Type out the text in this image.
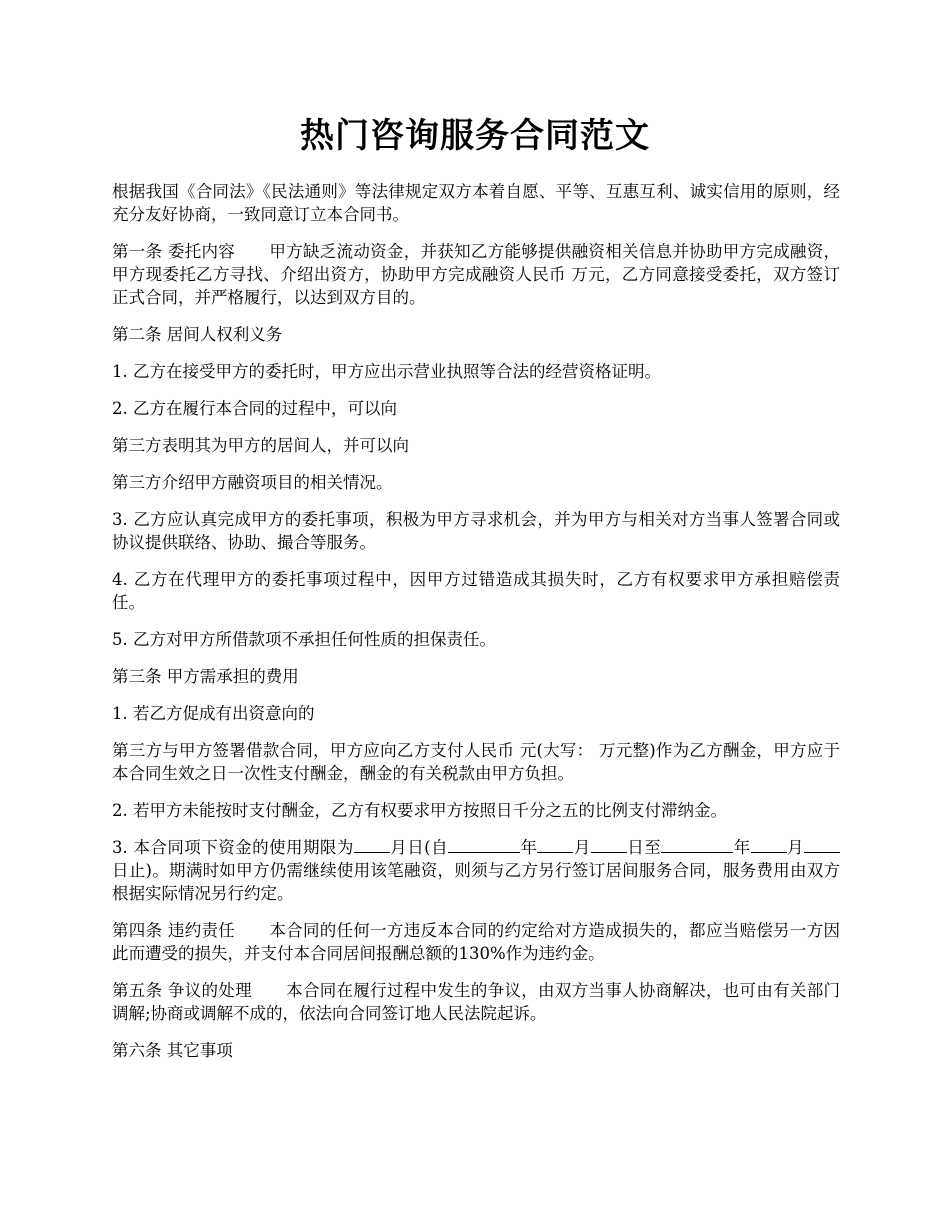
热门咨询服务合同范文

根据我国《合同法》《民法通则》等法律规定双方本着自愿、平等、互惠互利、诚实信用的原则，经充分友好协商，一致同意订立本合同书。

第一条 委托内容 甲方缺乏流动资金，并获知乙方能够提供融资相关信息并协助甲方完成融资，甲方现委托乙方寻找、介绍出资方，协助甲方完成融资人民币 万元，乙方同意接受委托，双方签订正式合同，并严格履行，以达到双方目的。

第二条 居间人权利义务

1. 乙方在接受甲方的委托时，甲方应出示营业执照等合法的经营资格证明。

2. 乙方在履行本合同的过程中，可以向

第三方表明其为甲方的居间人，并可以向

第三方介绍甲方融资项目的相关情况。

3. 乙方应认真完成甲方的委托事项，积极为甲方寻求机会，并为甲方与相关对方当事人签署合同或协议提供联络、协助、撮合等服务。

4. 乙方在代理甲方的委托事项过程中，因甲方过错造成其损失时，乙方有权要求甲方承担赔偿责任。

5. 乙方对甲方所借款项不承担任何性质的担保责任。

第三条 甲方需承担的费用

1. 若乙方促成有出资意向的

第三方与甲方签署借款合同，甲方应向乙方支付人民币 元(大写： 万元整)作为乙方酬金，甲方应于本合同生效之日一次性支付酬金，酬金的有关税款由甲方负担。

2. 若甲方未能按时支付酬金，乙方有权要求甲方按照日千分之五的比例支付滞纳金。

3. 本合同项下资金的使用期限为 月日(自	年 月 日至	年 月日止)。期满时如甲方仍需继续使用该笔融资，则须与乙方另行签订居间服务合同，服务费用由双方根据实际情况另行约定。

第四条 违约责任 本合同的任何一方违反本合同的约定给对方造成损失的，都应当赔偿另一方因此而遭受的损失，并支付本合同居间报酬总额的130%作为违约金。

第五条 争议的处理 本合同在履行过程中发生的争议，由双方当事人协商解决，也可由有关部门调解;协商或调解不成的，依法向合同签订地人民法院起诉。

第六条 其它事项
